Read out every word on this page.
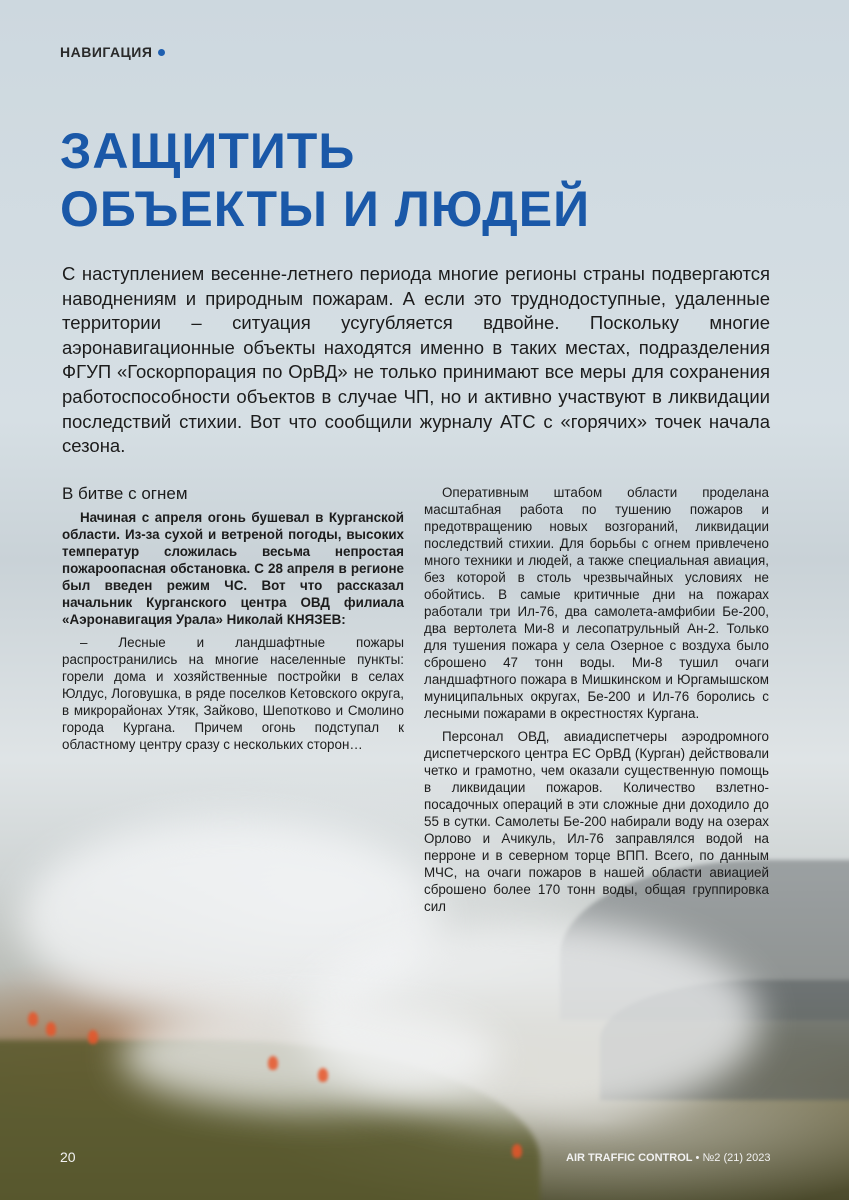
НАВИГАЦИЯ
ЗАЩИТИТЬ
ОБЪЕКТЫ И ЛЮДЕЙ

С наступлением весенне-летнего периода многие регионы страны подвергаются наводнениям и природным пожарам. А если это труднодоступные, удаленные территории – ситуация усугубляется вдвойне. Поскольку многие аэронавигационные объекты находятся именно в таких местах, подразделения ФГУП «Госкорпорация по ОрВД» не только принимают все меры для сохранения работоспособности объектов в случае ЧП, но и активно участвуют в ликвидации последствий стихии. Вот что сообщили журналу АТС с «горячих» точек начала сезона.

В битве с огнем

Начиная с апреля огонь бушевал в Курганской области. Из-за сухой и ветреной погоды, высоких температур сложилась весьма непростая пожароопасная обстановка. С 28 апреля в регионе был введен режим ЧС. Вот что рассказал начальник Курганского центра ОВД филиала «Аэронавигация Урала» Николай КНЯЗЕВ:

– Лесные и ландшафтные пожары распространились на многие населенные пункты: горели дома и хозяйственные постройки в селах Юлдус, Логовушка, в ряде поселков Кетовского округа, в микрорайонах Утяк, Зайково, Шепотково и Смолино города Кургана. Причем огонь подступал к областному центру сразу с нескольких сторон…

Оперативным штабом области проделана масштабная работа по тушению пожаров и предотвращению новых возгораний, ликвидации последствий стихии. Для борьбы с огнем привлечено много техники и людей, а также специальная авиация, без которой в столь чрезвычайных условиях не обойтись. В самые критичные дни на пожарах работали три Ил-76, два самолета-амфибии Бе-200, два вертолета Ми-8 и лесопатрульный Ан-2. Только для тушения пожара у села Озерное с воздуха было сброшено 47 тонн воды. Ми-8 тушил очаги ландшафтного пожара в Мишкинском и Юргамышском муниципальных округах, Бе-200 и Ил-76 боролись с лесными пожарами в окрестностях Кургана.

Персонал ОВД, авиадиспетчеры аэродромного диспетчерского центра ЕС ОрВД (Курган) действовали четко и грамотно, чем оказали существенную помощь в ликвидации пожаров. Количество взлетно-посадочных операций в эти сложные дни доходило до 55 в сутки. Самолеты Бе-200 набирали воду на озерах Орлово и Ачикуль, Ил-76 заправлялся водой на перроне и в северном торце ВПП. Всего, по данным МЧС, на очаги пожаров в нашей области авиацией сброшено более 170 тонн воды, общая группировка сил

20	AIR TRAFFIC CONTROL • №2 (21) 2023
